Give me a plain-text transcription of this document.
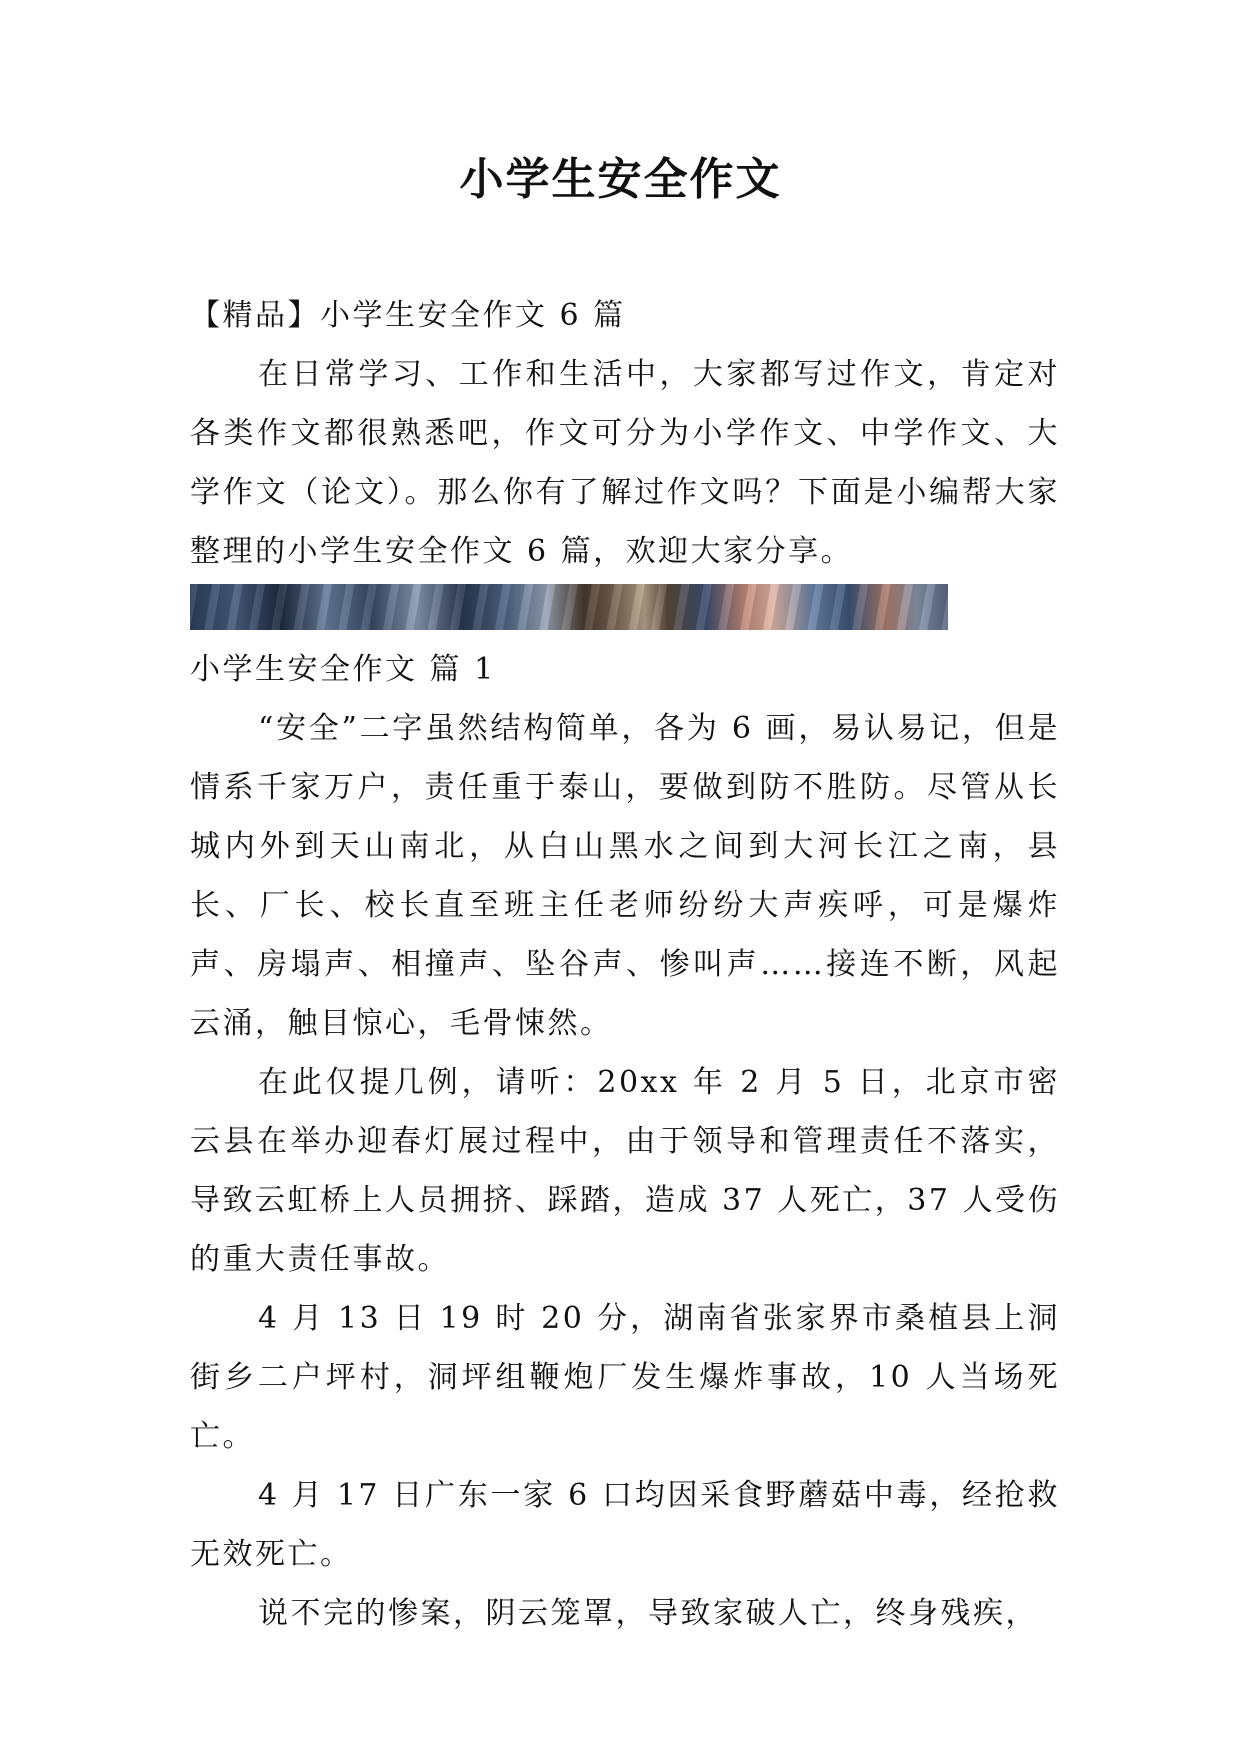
小学生安全作文

【精品】小学生安全作文 6 篇

在日常学习、工作和生活中，大家都写过作文，肯定对各类作文都很熟悉吧，作文可分为小学作文、中学作文、大学作文（论文）。那么你有了解过作文吗？下面是小编帮大家整理的小学生安全作文 6 篇，欢迎大家分享。

小学生安全作文 篇 1

“安全”二字虽然结构简单，各为 6 画，易认易记，但是情系千家万户，责任重于泰山，要做到防不胜防。尽管从长城内外到天山南北，从白山黑水之间到大河长江之南，县长、厂长、校长直至班主任老师纷纷大声疾呼，可是爆炸声、房塌声、相撞声、坠谷声、惨叫声……接连不断，风起云涌，触目惊心，毛骨悚然。

在此仅提几例，请听：20xx 年 2 月 5 日，北京市密云县在举办迎春灯展过程中，由于领导和管理责任不落实，导致云虹桥上人员拥挤、踩踏，造成 37 人死亡，37 人受伤的重大责任事故。

4 月 13 日 19 时 20 分，湖南省张家界市桑植县上洞街乡二户坪村，洞坪组鞭炮厂发生爆炸事故，10 人当场死亡。

4 月 17 日广东一家 6 口均因采食野蘑菇中毒，经抢救无效死亡。

说不完的惨案，阴云笼罩，导致家破人亡，终身残疾，
